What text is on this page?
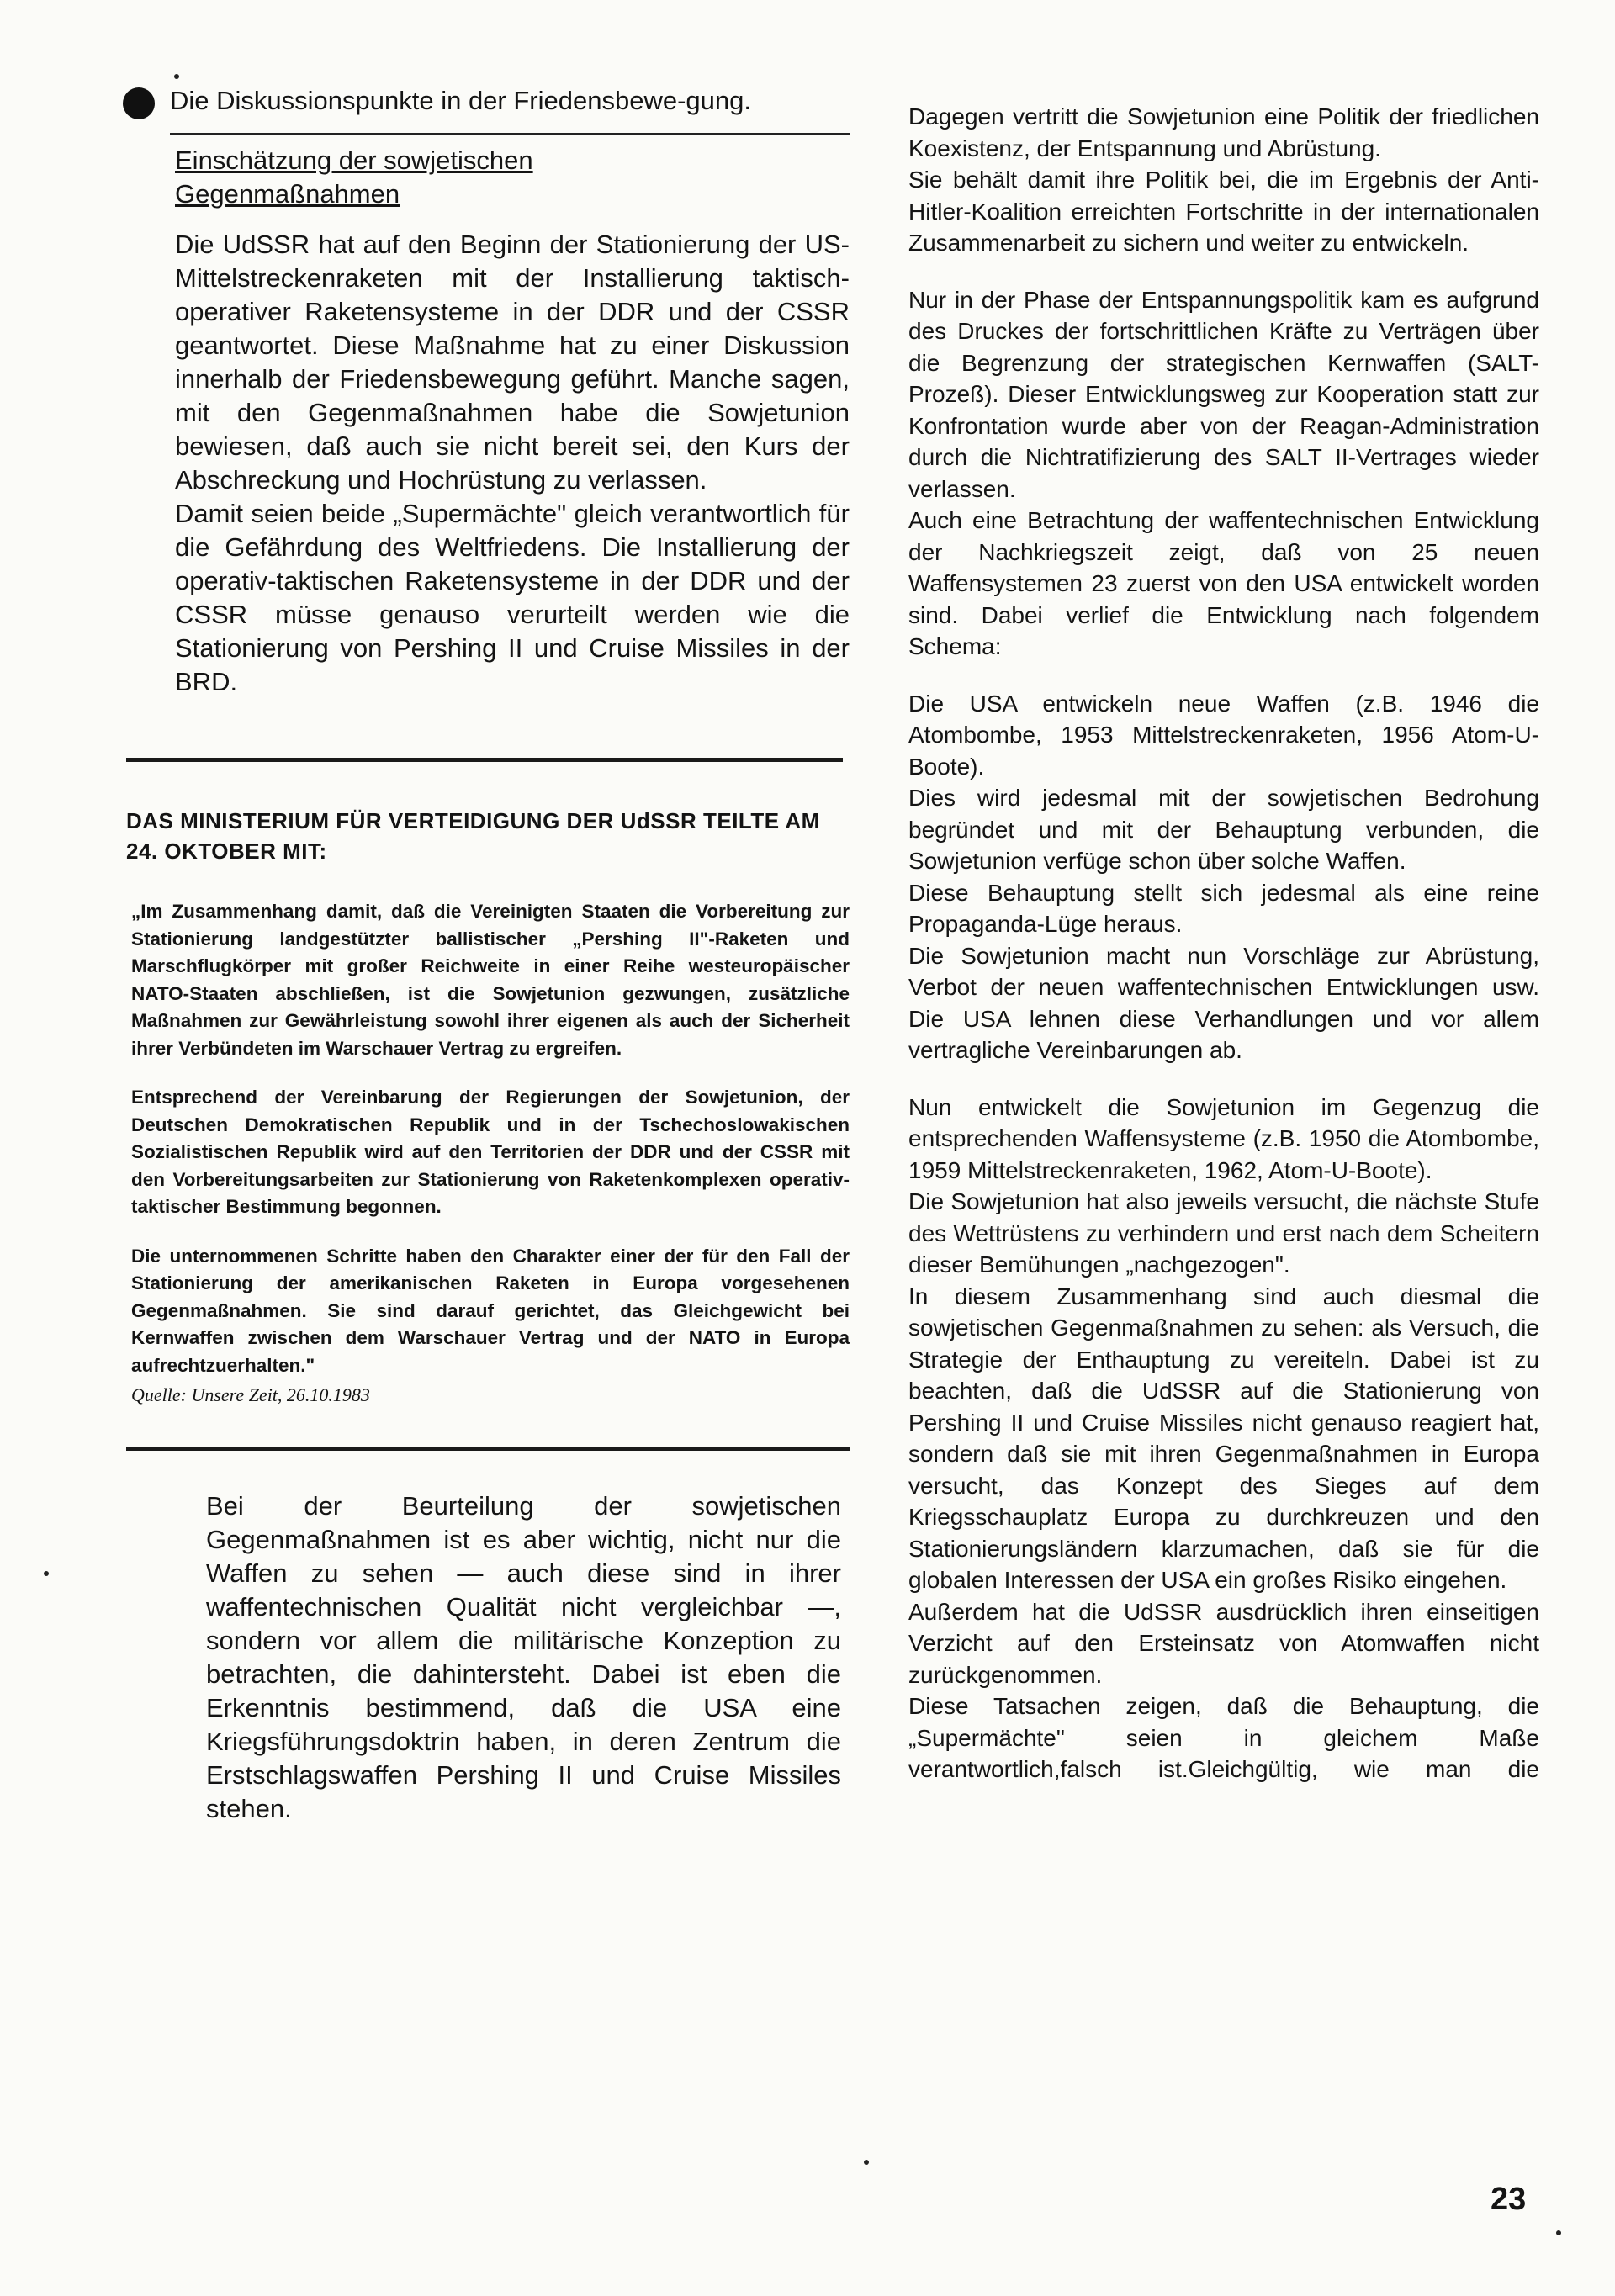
Die Diskussionspunkte in der Friedensbewe-gung.
Einschätzung der sowjetischen Gegenmaßnahmen

Die UdSSR hat auf den Beginn der Stationierung der US-Mittelstreckenraketen mit der Installierung taktisch-operativer Raketensysteme in der DDR und der CSSR geantwortet. Diese Maßnahme hat zu einer Diskussion innerhalb der Friedensbewegung geführt. Manche sagen, mit den Gegenmaßnahmen habe die Sowjetunion bewiesen, daß auch sie nicht bereit sei, den Kurs der Abschreckung und Hochrüstung zu verlassen.

Damit seien beide „Supermächte" gleich verantwortlich für die Gefährdung des Weltfriedens. Die Installierung der operativ-taktischen Raketensysteme in der DDR und der CSSR müsse genauso verurteilt werden wie die Stationierung von Pershing II und Cruise Missiles in der BRD.

DAS MINISTERIUM FÜR VERTEIDIGUNG DER UdSSR TEILTE AM 24. OKTOBER MIT:

„Im Zusammenhang damit, daß die Vereinigten Staaten die Vorbereitung zur Stationierung landgestützter ballistischer „Pershing II"-Raketen und Marschflugkörper mit großer Reichweite in einer Reihe westeuropäischer NATO-Staaten abschließen, ist die Sowjetunion gezwungen, zusätzliche Maßnahmen zur Gewährleistung sowohl ihrer eigenen als auch der Sicherheit ihrer Verbündeten im Warschauer Vertrag zu ergreifen.

Entsprechend der Vereinbarung der Regierungen der Sowjetunion, der Deutschen Demokratischen Republik und in der Tschechoslowakischen Sozialistischen Republik wird auf den Territorien der DDR und der CSSR mit den Vorbereitungsarbeiten zur Stationierung von Raketenkomplexen operativ-taktischer Bestimmung begonnen.

Die unternommenen Schritte haben den Charakter einer der für den Fall der Stationierung der amerikanischen Raketen in Europa vorgesehenen Gegenmaßnahmen. Sie sind darauf gerichtet, das Gleichgewicht bei Kernwaffen zwischen dem Warschauer Vertrag und der NATO in Europa aufrechtzuerhalten."

Quelle: Unsere Zeit, 26.10.1983

Bei der Beurteilung der sowjetischen Gegenmaßnahmen ist es aber wichtig, nicht nur die Waffen zu sehen — auch diese sind in ihrer waffentechnischen Qualität nicht vergleichbar —, sondern vor allem die militärische Konzeption zu betrachten, die dahintersteht. Dabei ist eben die Erkenntnis bestimmend, daß die USA eine Kriegsführungsdoktrin haben, in deren Zentrum die Erstschlagswaffen Pershing II und Cruise Missiles stehen.

Dagegen vertritt die Sowjetunion eine Politik der friedlichen Koexistenz, der Entspannung und Abrüstung.

Sie behält damit ihre Politik bei, die im Ergebnis der Anti-Hitler-Koalition erreichten Fortschritte in der internationalen Zusammenarbeit zu sichern und weiter zu entwickeln.

Nur in der Phase der Entspannungspolitik kam es aufgrund des Druckes der fortschrittlichen Kräfte zu Verträgen über die Begrenzung der strategischen Kernwaffen (SALT-Prozeß). Dieser Entwicklungsweg zur Kooperation statt zur Konfrontation wurde aber von der Reagan-Administration durch die Nichtratifizierung des SALT II-Vertrages wieder verlassen.

Auch eine Betrachtung der waffentechnischen Entwicklung der Nachkriegszeit zeigt, daß von 25 neuen Waffensystemen 23 zuerst von den USA entwickelt worden sind. Dabei verlief die Entwicklung nach folgendem Schema:

Die USA entwickeln neue Waffen (z.B. 1946 die Atombombe, 1953 Mittelstreckenraketen, 1956 Atom-U-Boote).

Dies wird jedesmal mit der sowjetischen Bedrohung begründet und mit der Behauptung verbunden, die Sowjetunion verfüge schon über solche Waffen.

Diese Behauptung stellt sich jedesmal als eine reine Propaganda-Lüge heraus.

Die Sowjetunion macht nun Vorschläge zur Abrüstung, Verbot der neuen waffentechnischen Entwicklungen usw. Die USA lehnen diese Verhandlungen und vor allem vertragliche Vereinbarungen ab.

Nun entwickelt die Sowjetunion im Gegenzug die entsprechenden Waffensysteme (z.B. 1950 die Atombombe, 1959 Mittelstreckenraketen, 1962, Atom-U-Boote).

Die Sowjetunion hat also jeweils versucht, die nächste Stufe des Wettrüstens zu verhindern und erst nach dem Scheitern dieser Bemühungen „nachgezogen".

In diesem Zusammenhang sind auch diesmal die sowjetischen Gegenmaßnahmen zu sehen: als Versuch, die Strategie der Enthauptung zu vereiteln. Dabei ist zu beachten, daß die UdSSR auf die Stationierung von Pershing II und Cruise Missiles nicht genauso reagiert hat, sondern daß sie mit ihren Gegenmaßnahmen in Europa versucht, das Konzept des Sieges auf dem Kriegsschauplatz Europa zu durchkreuzen und den Stationierungsländern klarzumachen, daß sie für die globalen Interessen der USA ein großes Risiko eingehen.

Außerdem hat die UdSSR ausdrücklich ihren einseitigen Verzicht auf den Ersteinsatz von Atomwaffen nicht zurückgenommen.

Diese Tatsachen zeigen, daß die Behauptung, die „Supermächte" seien in gleichem Maße verantwortlich,falsch ist.Gleichgültig, wie man die

23
